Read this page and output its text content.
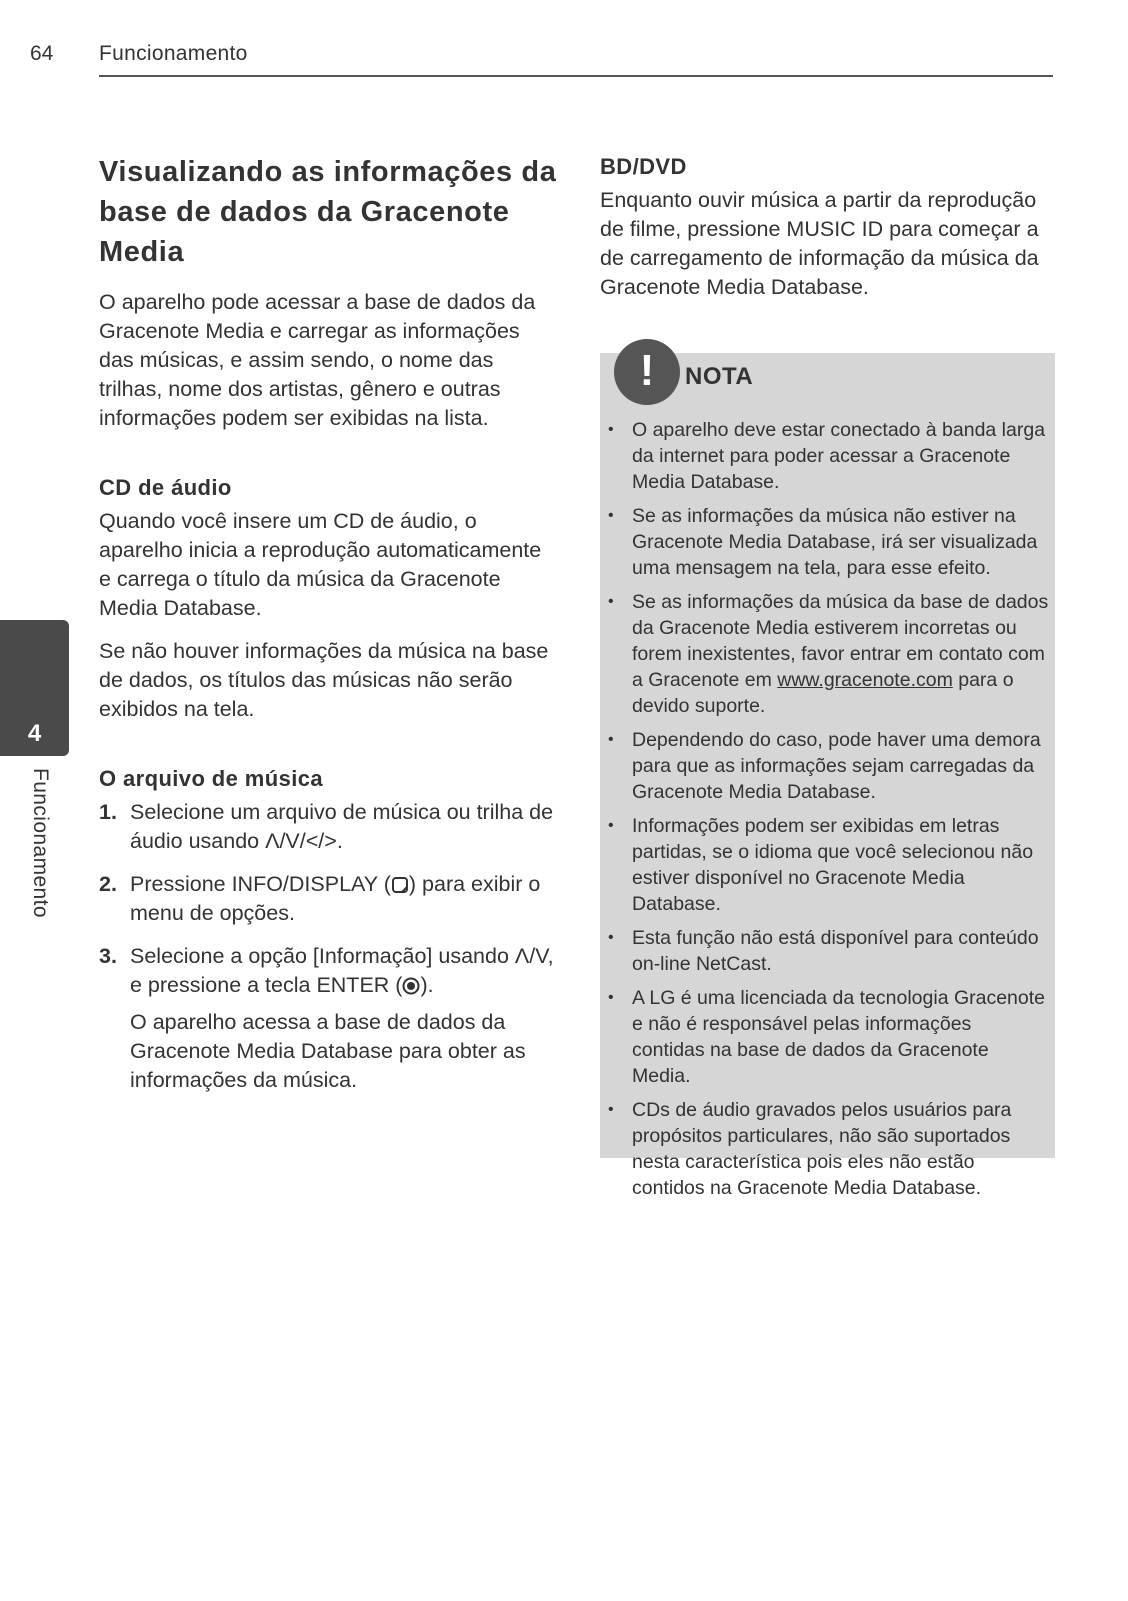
64 Funcionamento
4
Funcionamento
Visualizando as informações da base de dados da Gracenote Media

O aparelho pode acessar a base de dados da Gracenote Media e carregar as informações das músicas, e assim sendo, o nome das trilhas, nome dos artistas, gênero e outras informações podem ser exibidas na lista.

CD de áudio

Quando você insere um CD de áudio, o aparelho inicia a reprodução automaticamente e carrega o título da música da Gracenote Media Database.

Se não houver informações da música na base de dados, os títulos das músicas não serão exibidos na tela.

O arquivo de música
1. Selecione um arquivo de música ou trilha de áudio usando Λ/V/</>.

2. Pressione INFO/DISPLAY ( ) para exibir o menu de opções.

3. Selecione a opção [Informação] usando Λ/V, e pressione a tecla ENTER ( ).

O aparelho acessa a base de dados da Gracenote Media Database para obter as informações da música.

BD/DVD

Enquanto ouvir música a partir da reprodução de filme, pressione MUSIC ID para começar a de carregamento de informação da música da Gracenote Media Database.

!	NOTA
• O aparelho deve estar conectado à banda larga da internet para poder acessar a Gracenote Media Database.
• Se as informações da música não estiver na Gracenote Media Database, irá ser visualizada uma mensagem na tela, para esse efeito.
• Se as informações da música da base de dados da Gracenote Media estiverem incorretas ou forem inexistentes, favor entrar em contato com a Gracenote em www.gracenote.com para o devido suporte.
• Dependendo do caso, pode haver uma demora para que as informações sejam carregadas da Gracenote Media Database.
• Informações podem ser exibidas em letras partidas, se o idioma que você selecionou não estiver disponível no Gracenote Media Database.
• Esta função não está disponível para conteúdo on-line NetCast.
• A LG é uma licenciada da tecnologia Gracenote e não é responsável pelas informações contidas na base de dados da Gracenote Media.
• CDs de áudio gravados pelos usuários para propósitos particulares, não são suportados nesta característica pois eles não estão contidos na Gracenote Media Database.
